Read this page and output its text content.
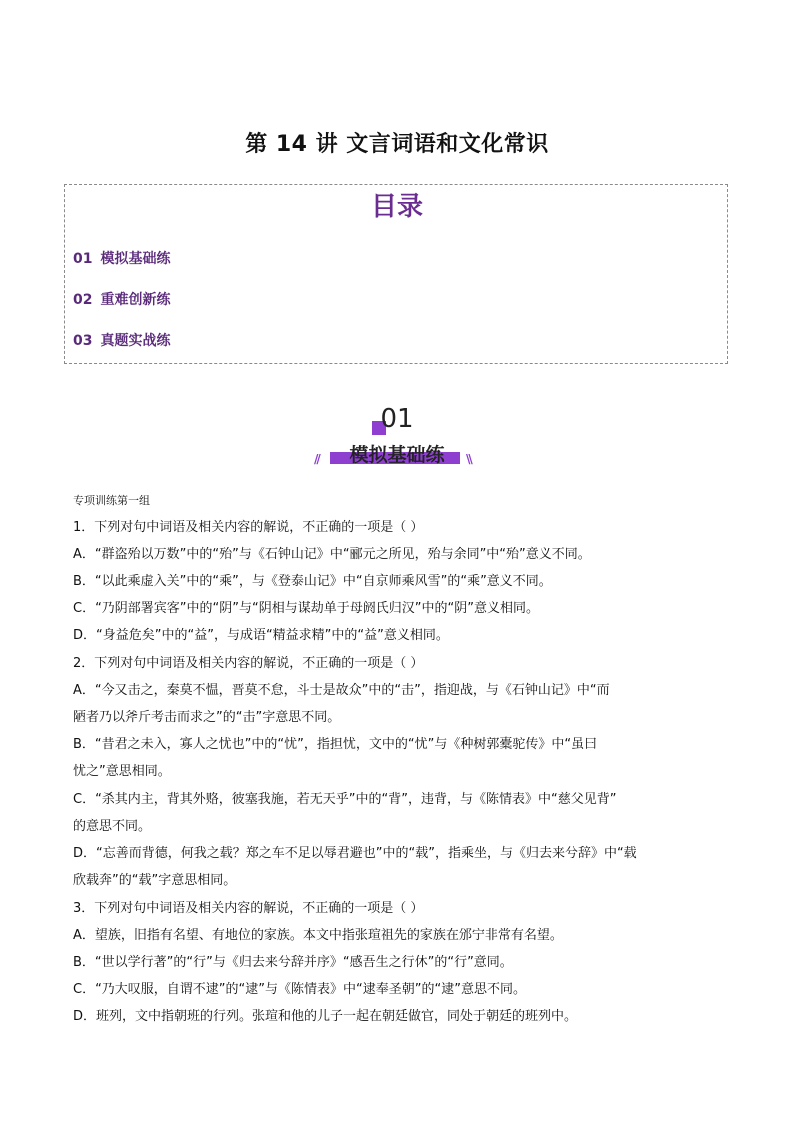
第 14 讲 文言词语和文化常识
目录
01 模拟基础练
02 重难创新练
03 真题实战练
01
//	\\
模拟基础练
专项训练第一组
1．下列对句中词语及相关内容的解说，不正确的一项是（ ）
A．“群盗殆以万数”中的“殆”与《石钟山记》中“郦元之所见，殆与余同”中“殆”意义不同。
B．“以此乘虚入关”中的“乘”，与《登泰山记》中“自京师乘风雪”的“乘”意义不同。
C．“乃阴部署宾客”中的“阴”与“阴相与谋劫单于母阏氏归汉”中的“阴”意义相同。
D．“身益危矣”中的“益”，与成语“精益求精”中的“益”意义相同。
2．下列对句中词语及相关内容的解说，不正确的一项是（ ）
A．“今又击之，秦莫不愠，晋莫不怠，斗士是故众”中的“击”，指迎战，与《石钟山记》中“而
陋者乃以斧斤考击而求之”的“击”字意思不同。
B．“昔君之未入，寡人之忧也”中的“忧”，指担忧，文中的“忧”与《种树郭橐驼传》中“虽曰
忧之”意思相同。
C．“杀其内主，背其外赂，彼塞我施，若无天乎”中的“背”，违背，与《陈情表》中“慈父见背”
的意思不同。
D．“忘善而背德，何我之载？郑之车不足以辱君避也”中的“载”，指乘坐，与《归去来兮辞》中“载
欣载奔”的“载”字意思相同。
3．下列对句中词语及相关内容的解说，不正确的一项是（ ）
A．望族，旧指有名望、有地位的家族。本文中指张瑄祖先的家族在邠宁非常有名望。
B．“世以学行著”的“行”与《归去来兮辞并序》“感吾生之行休”的“行”意同。
C．“乃大叹服，自谓不逮”的“逮”与《陈情表》中“逮奉圣朝”的“逮”意思不同。
D．班列，文中指朝班的行列。张瑄和他的儿子一起在朝廷做官，同处于朝廷的班列中。
